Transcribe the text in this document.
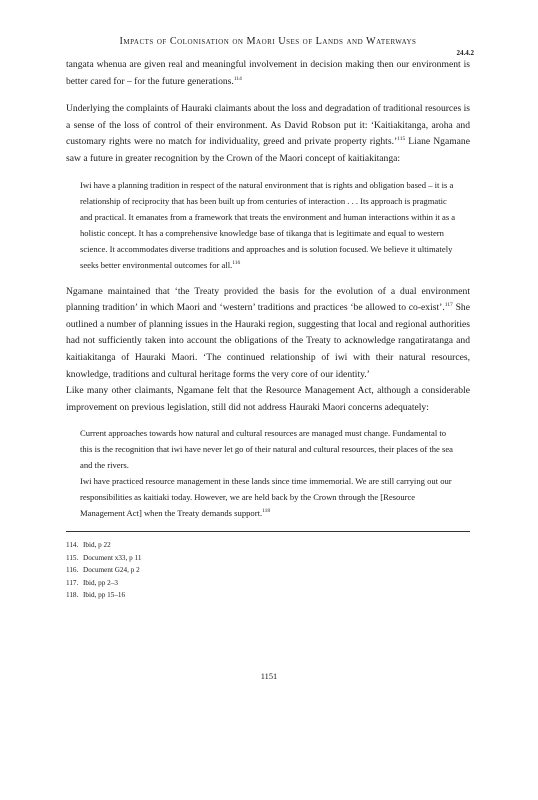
Impacts of Colonisation on Maori Uses of Lands and Waterways
24.4.2

tangata whenua are given real and meaningful involvement in decision making then our environment is better cared for – for the future generations.$^{114}$

Underlying the complaints of Hauraki claimants about the loss and degradation of traditional resources is a sense of the loss of control of their environment. As David Robson put it: ‘Kaitiakitanga, aroha and customary rights were no match for individuality, greed and private property rights.’$^{115}$ Liane Ngamane saw a future in greater recognition by the Crown of the Maori concept of kaitiakitanga:

Iwi have a planning tradition in respect of the natural environment that is rights and obligation based – it is a relationship of reciprocity that has been built up from centuries of interaction . . . Its approach is pragmatic and practical. It emanates from a framework that treats the environment and human interactions within it as a holistic concept. It has a comprehensive knowledge base of tikanga that is legitimate and equal to western science. It accommodates diverse traditions and approaches and is solution focused. We believe it ultimately seeks better environmental outcomes for all.$^{116}$

Ngamane maintained that ‘the Treaty provided the basis for the evolution of a dual environment planning tradition’ in which Maori and ‘western’ traditions and practices ‘be allowed to co-exist’.$^{117}$ She outlined a number of planning issues in the Hauraki region, suggesting that local and regional authorities had not sufficiently taken into account the obligations of the Treaty to acknowledge rangatiratanga and kaitiakitanga of Hauraki Maori. ‘The continued relationship of iwi with their natural resources, knowledge, traditions and cultural heritage forms the very core of our identity.’

Like many other claimants, Ngamane felt that the Resource Management Act, although a considerable improvement on previous legislation, still did not address Hauraki Maori concerns adequately:

Current approaches towards how natural and cultural resources are managed must change. Fundamental to this is the recognition that iwi have never let go of their natural and cultural resources, their places of the sea and the rivers.

Iwi have practiced resource management in these lands since time immemorial. We are still carrying out our responsibilities as kaitiaki today. However, we are held back by the Crown through the [Resource Management Act] when the Treaty demands support.$^{118}$

114. Ibid, p 22
115. Document x33, p 11
116. Document G24, p 2
117. Ibid, pp 2–3
118. Ibid, pp 15–16
1151
